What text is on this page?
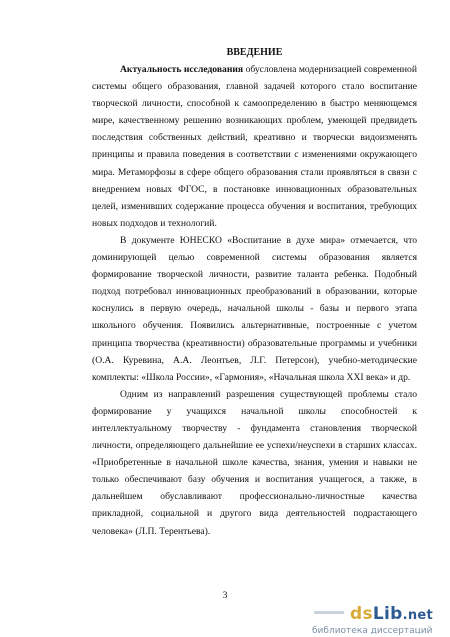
ВВЕДЕНИЕ

Актуальность исследования обусловлена модернизацией современной системы общего образования, главной задачей которого стало воспитание творческой личности, способной к самоопределению в быстро меняющемся мире, качественному решению возникающих проблем, умеющей предвидеть последствия собственных действий, креативно и творчески видоизменять принципы и правила поведения в соответствии с изменениями окружающего мира. Метаморфозы в сфере общего образования стали проявляться в связи с внедрением новых ФГОС, в постановке инновационных образовательных целей, изменивших содержание процесса обучения и воспитания, требующих новых подходов и технологий.

В документе ЮНЕСКО «Воспитание в духе мира» отмечается, что доминирующей целью современной системы образования является формирование творческой личности, развитие таланта ребенка. Подобный подход потребовал инновационных преобразований в образовании, которые коснулись в первую очередь, начальной школы - базы и первого этапа школьного обучения. Появились альтернативные, построенные с учетом принципа творчества (креативности) образовательные программы и учебники (О.А. Куревина, А.А. Леонтьев, Л.Г. Петерсон), учебно-методические комплекты: «Школа России», «Гармония», «Начальная школа XXI века» и др.

Одним из направлений разрешения существующей проблемы стало формирование у учащихся начальной школы способностей к интеллектуальному творчеству - фундамента становления творческой личности, определяющего дальнейшие ее успехи/неуспехи в старших классах. «Приобретенные в начальной школе качества, знания, умения и навыки не только обеспечивают базу обучения и воспитания учащегося, а также, в дальнейшем обуславливают профессионально-личностные качества прикладной, социальной и другого вида деятельностей подрастающего человека» (Л.П. Терентьева).

3
dsLib.net
библиотека диссертаций
